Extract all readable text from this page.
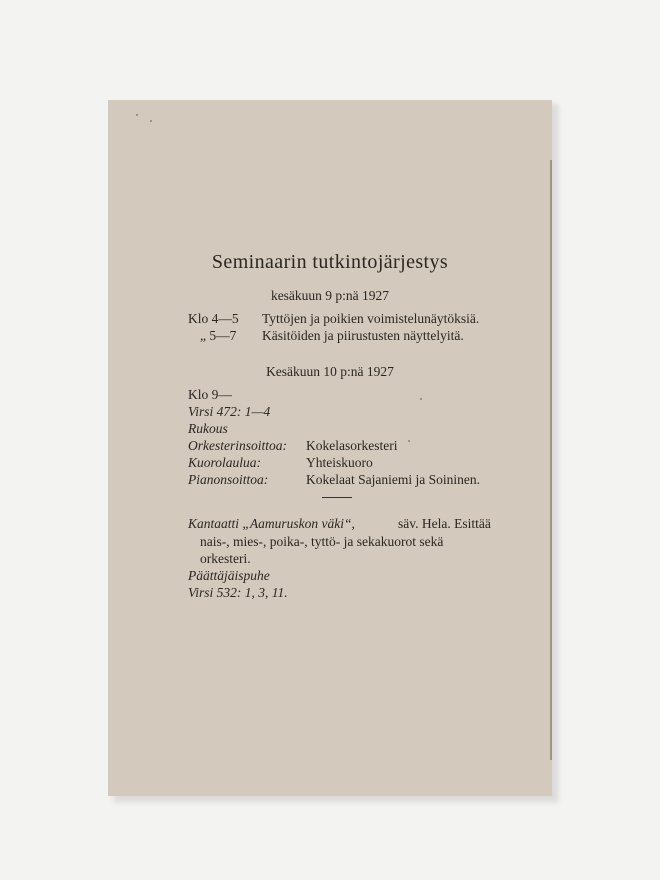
Seminaarin tutkintojärjestys
kesäkuun 9 p:nä 1927
Klo 4—5 Tyttöjen ja poikien voimistelunäytöksiä.
„ 5—7 Käsitöiden ja piirustusten näyttelyitä.
Kesäkuun 10 p:nä 1927
Klo 9—
Virsi 472: 1—4
Rukous
Orkesterinsoittoa: Kokelasorkesteri
Kuorolaulua:	Yhteiskuoro
Pianonsoittoa:	Kokelaat Sajaniemi ja Soininen.
Kantaatti „Aamuruskon väki“,	säv. Hela. Esittää
nais-, mies-, poika-, tyttö- ja sekakuorot sekä
orkesteri.
Päättäjäispuhe
Virsi 532: 1, 3, 11.
